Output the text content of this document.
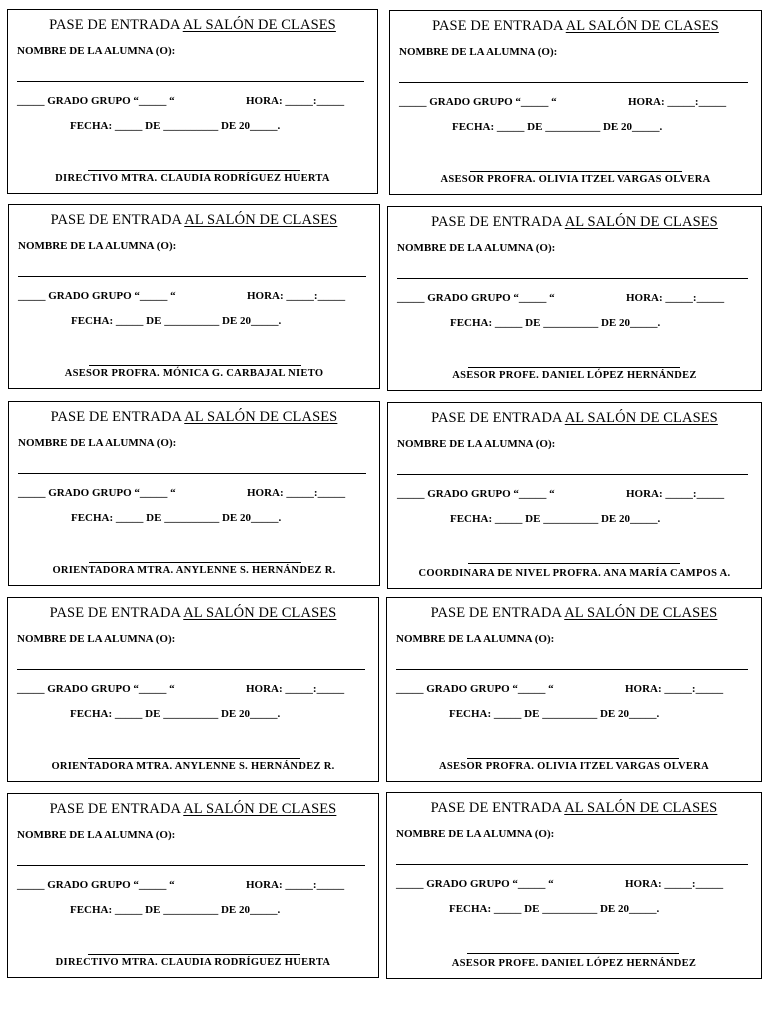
PASE DE ENTRADA AL SALÓN DE CLASES
NOMBRE DE LA ALUMNA (O):
_____ GRADO GRUPO “_____ “	HORA: _____:_____
FECHA: _____ DE __________ DE 20_____.
DIRECTIVO MTRA. CLAUDIA RODRÍGUEZ HUERTA
PASE DE ENTRADA AL SALÓN DE CLASES
NOMBRE DE LA ALUMNA (O):
_____ GRADO GRUPO “_____ “	HORA: _____:_____
FECHA: _____ DE __________ DE 20_____.
ASESOR PROFRA. OLIVIA ITZEL VARGAS OLVERA
PASE DE ENTRADA AL SALÓN DE CLASES
NOMBRE DE LA ALUMNA (O):
_____ GRADO GRUPO “_____ “	HORA: _____:_____
FECHA: _____ DE __________ DE 20_____.
ASESOR PROFRA. MÓNICA G. CARBAJAL NIETO
PASE DE ENTRADA AL SALÓN DE CLASES
NOMBRE DE LA ALUMNA (O):
_____ GRADO GRUPO “_____ “	HORA: _____:_____
FECHA: _____ DE __________ DE 20_____.
ASESOR PROFE. DANIEL LÓPEZ HERNÁNDEZ
PASE DE ENTRADA AL SALÓN DE CLASES
NOMBRE DE LA ALUMNA (O):
_____ GRADO GRUPO “_____ “	HORA: _____:_____
FECHA: _____ DE __________ DE 20_____.
ORIENTADORA MTRA. ANYLENNE S. HERNÁNDEZ R.
PASE DE ENTRADA AL SALÓN DE CLASES
NOMBRE DE LA ALUMNA (O):
_____ GRADO GRUPO “_____ “	HORA: _____:_____
FECHA: _____ DE __________ DE 20_____.
COORDINARA DE NIVEL PROFRA. ANA MARÍA CAMPOS A.
PASE DE ENTRADA AL SALÓN DE CLASES
NOMBRE DE LA ALUMNA (O):
_____ GRADO GRUPO “_____ “	HORA: _____:_____
FECHA: _____ DE __________ DE 20_____.
ORIENTADORA MTRA. ANYLENNE S. HERNÁNDEZ R.
PASE DE ENTRADA AL SALÓN DE CLASES
NOMBRE DE LA ALUMNA (O):
_____ GRADO GRUPO “_____ “	HORA: _____:_____
FECHA: _____ DE __________ DE 20_____.
ASESOR PROFRA. OLIVIA ITZEL VARGAS OLVERA
PASE DE ENTRADA AL SALÓN DE CLASES
NOMBRE DE LA ALUMNA (O):
_____ GRADO GRUPO “_____ “	HORA: _____:_____
FECHA: _____ DE __________ DE 20_____.
DIRECTIVO MTRA. CLAUDIA RODRÍGUEZ HUERTA
PASE DE ENTRADA AL SALÓN DE CLASES
NOMBRE DE LA ALUMNA (O):
_____ GRADO GRUPO “_____ “	HORA: _____:_____
FECHA: _____ DE __________ DE 20_____.
ASESOR PROFE. DANIEL LÓPEZ HERNÁNDEZ
